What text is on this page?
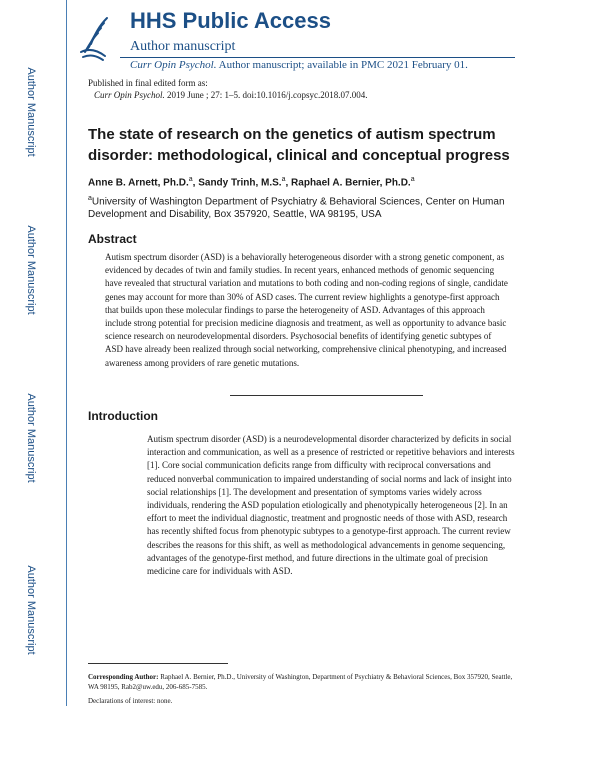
Author Manuscript
Author Manuscript
Author Manuscript
Author Manuscript
HHS Public Access
Author manuscript
Curr Opin Psychol. Author manuscript; available in PMC 2021 February 01.
Published in final edited form as:
Curr Opin Psychol. 2019 June ; 27: 1–5. doi:10.1016/j.copsyc.2018.07.004.
The state of research on the genetics of autism spectrum disorder: methodological, clinical and conceptual progress
Anne B. Arnett, Ph.D.$^a$, Sandy Trinh, M.S.$^a$, Raphael A. Bernier, Ph.D.$^a$
$^a$University of Washington Department of Psychiatry & Behavioral Sciences, Center on Human Development and Disability, Box 357920, Seattle, WA 98195, USA
Abstract
Autism spectrum disorder (ASD) is a behaviorally heterogeneous disorder with a strong genetic component, as evidenced by decades of twin and family studies. In recent years, enhanced methods of genomic sequencing have revealed that structural variation and mutations to both coding and non-coding regions of single, candidate genes may account for more than 30% of ASD cases. The current review highlights a genotype-first approach that builds upon these molecular findings to parse the heterogeneity of ASD. Advantages of this approach include strong potential for precision medicine diagnosis and treatment, as well as opportunity to advance basic science research on neurodevelopmental disorders. Psychosocial benefits of identifying genetic subtypes of ASD have already been realized through social networking, comprehensive clinical phenotyping, and increased awareness among providers of rare genetic mutations.
Introduction
Autism spectrum disorder (ASD) is a neurodevelopmental disorder characterized by deficits in social interaction and communication, as well as a presence of restricted or repetitive behaviors and interests [1]. Core social communication deficits range from difficulty with reciprocal conversations and reduced nonverbal communication to impaired understanding of social norms and lack of insight into social relationships [1]. The development and presentation of symptoms varies widely across individuals, rendering the ASD population etiologically and phenotypically heterogeneous [2]. In an effort to meet the individual diagnostic, treatment and prognostic needs of those with ASD, research has recently shifted focus from phenotypic subtypes to a genotype-first approach. The current review describes the reasons for this shift, as well as methodological advancements in genome sequencing, advantages of the genotype-first method, and future directions in the ultimate goal of precision medicine care for individuals with ASD.
Corresponding Author: Raphael A. Bernier, Ph.D., University of Washington, Department of Psychiatry & Behavioral Sciences, Box 357920, Seattle, WA 98195, Rab2@uw.edu, 206-685-7585.
Declarations of interest: none.
